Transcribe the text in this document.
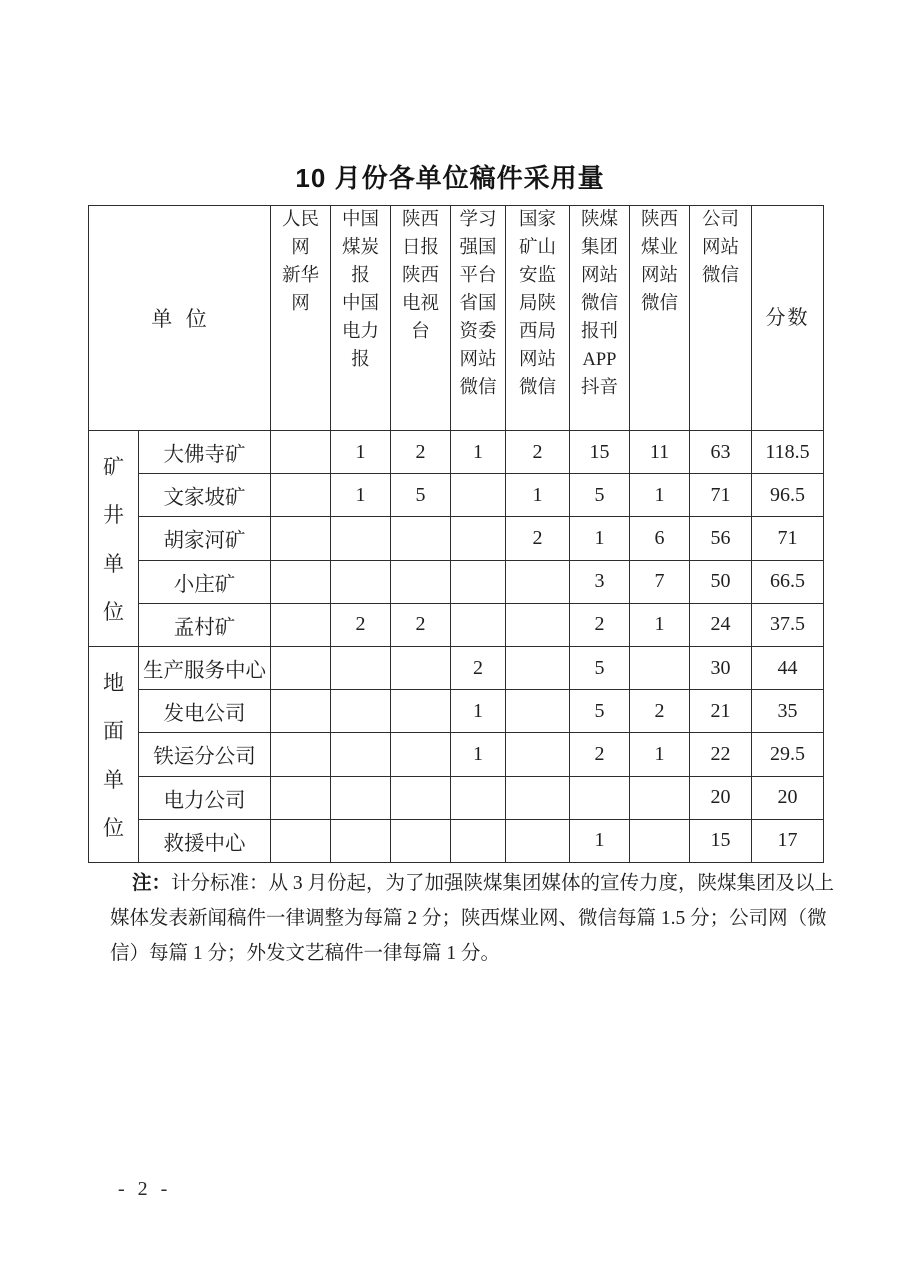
10 月份各单位稿件采用量
单  位	
人民
网
新华
网

中国
煤炭
报
中国
电力
报

陕西
日报
陕西
电视
台

学习
强国
平台
省国
资委
网站
微信

国家
矿山
安监
局陕
西局
网站
微信

陕煤
集团
网站
微信
报刊
APP
抖音

陕西
煤业
网站
微信

公司
网站
微信

分数

矿
井
单
位	大佛寺矿		1	2	1	2	15	11	63	118.5
	文家坡矿		1	5		1	5	1	71	96.5
	胡家河矿					2	1	6	56	71
	小庄矿						3	7	50	66.5
	孟村矿		2	2			2	1	24	37.5

地
面
单
位	生产服务中心				2		5		30	44
	发电公司				1		5	2	21	35
	铁运分公司				1		2	1	22	29.5
	电力公司								20	20
	救援中心						1		15	17
注：计分标准：从 3 月份起，为了加强陕煤集团媒体的宣传力度，陕煤集团及以上
媒体发表新闻稿件一律调整为每篇 2 分；陕西煤业网、微信每篇 1.5 分；公司网（微
信）每篇 1 分；外发文艺稿件一律每篇 1 分。
- 2 -
